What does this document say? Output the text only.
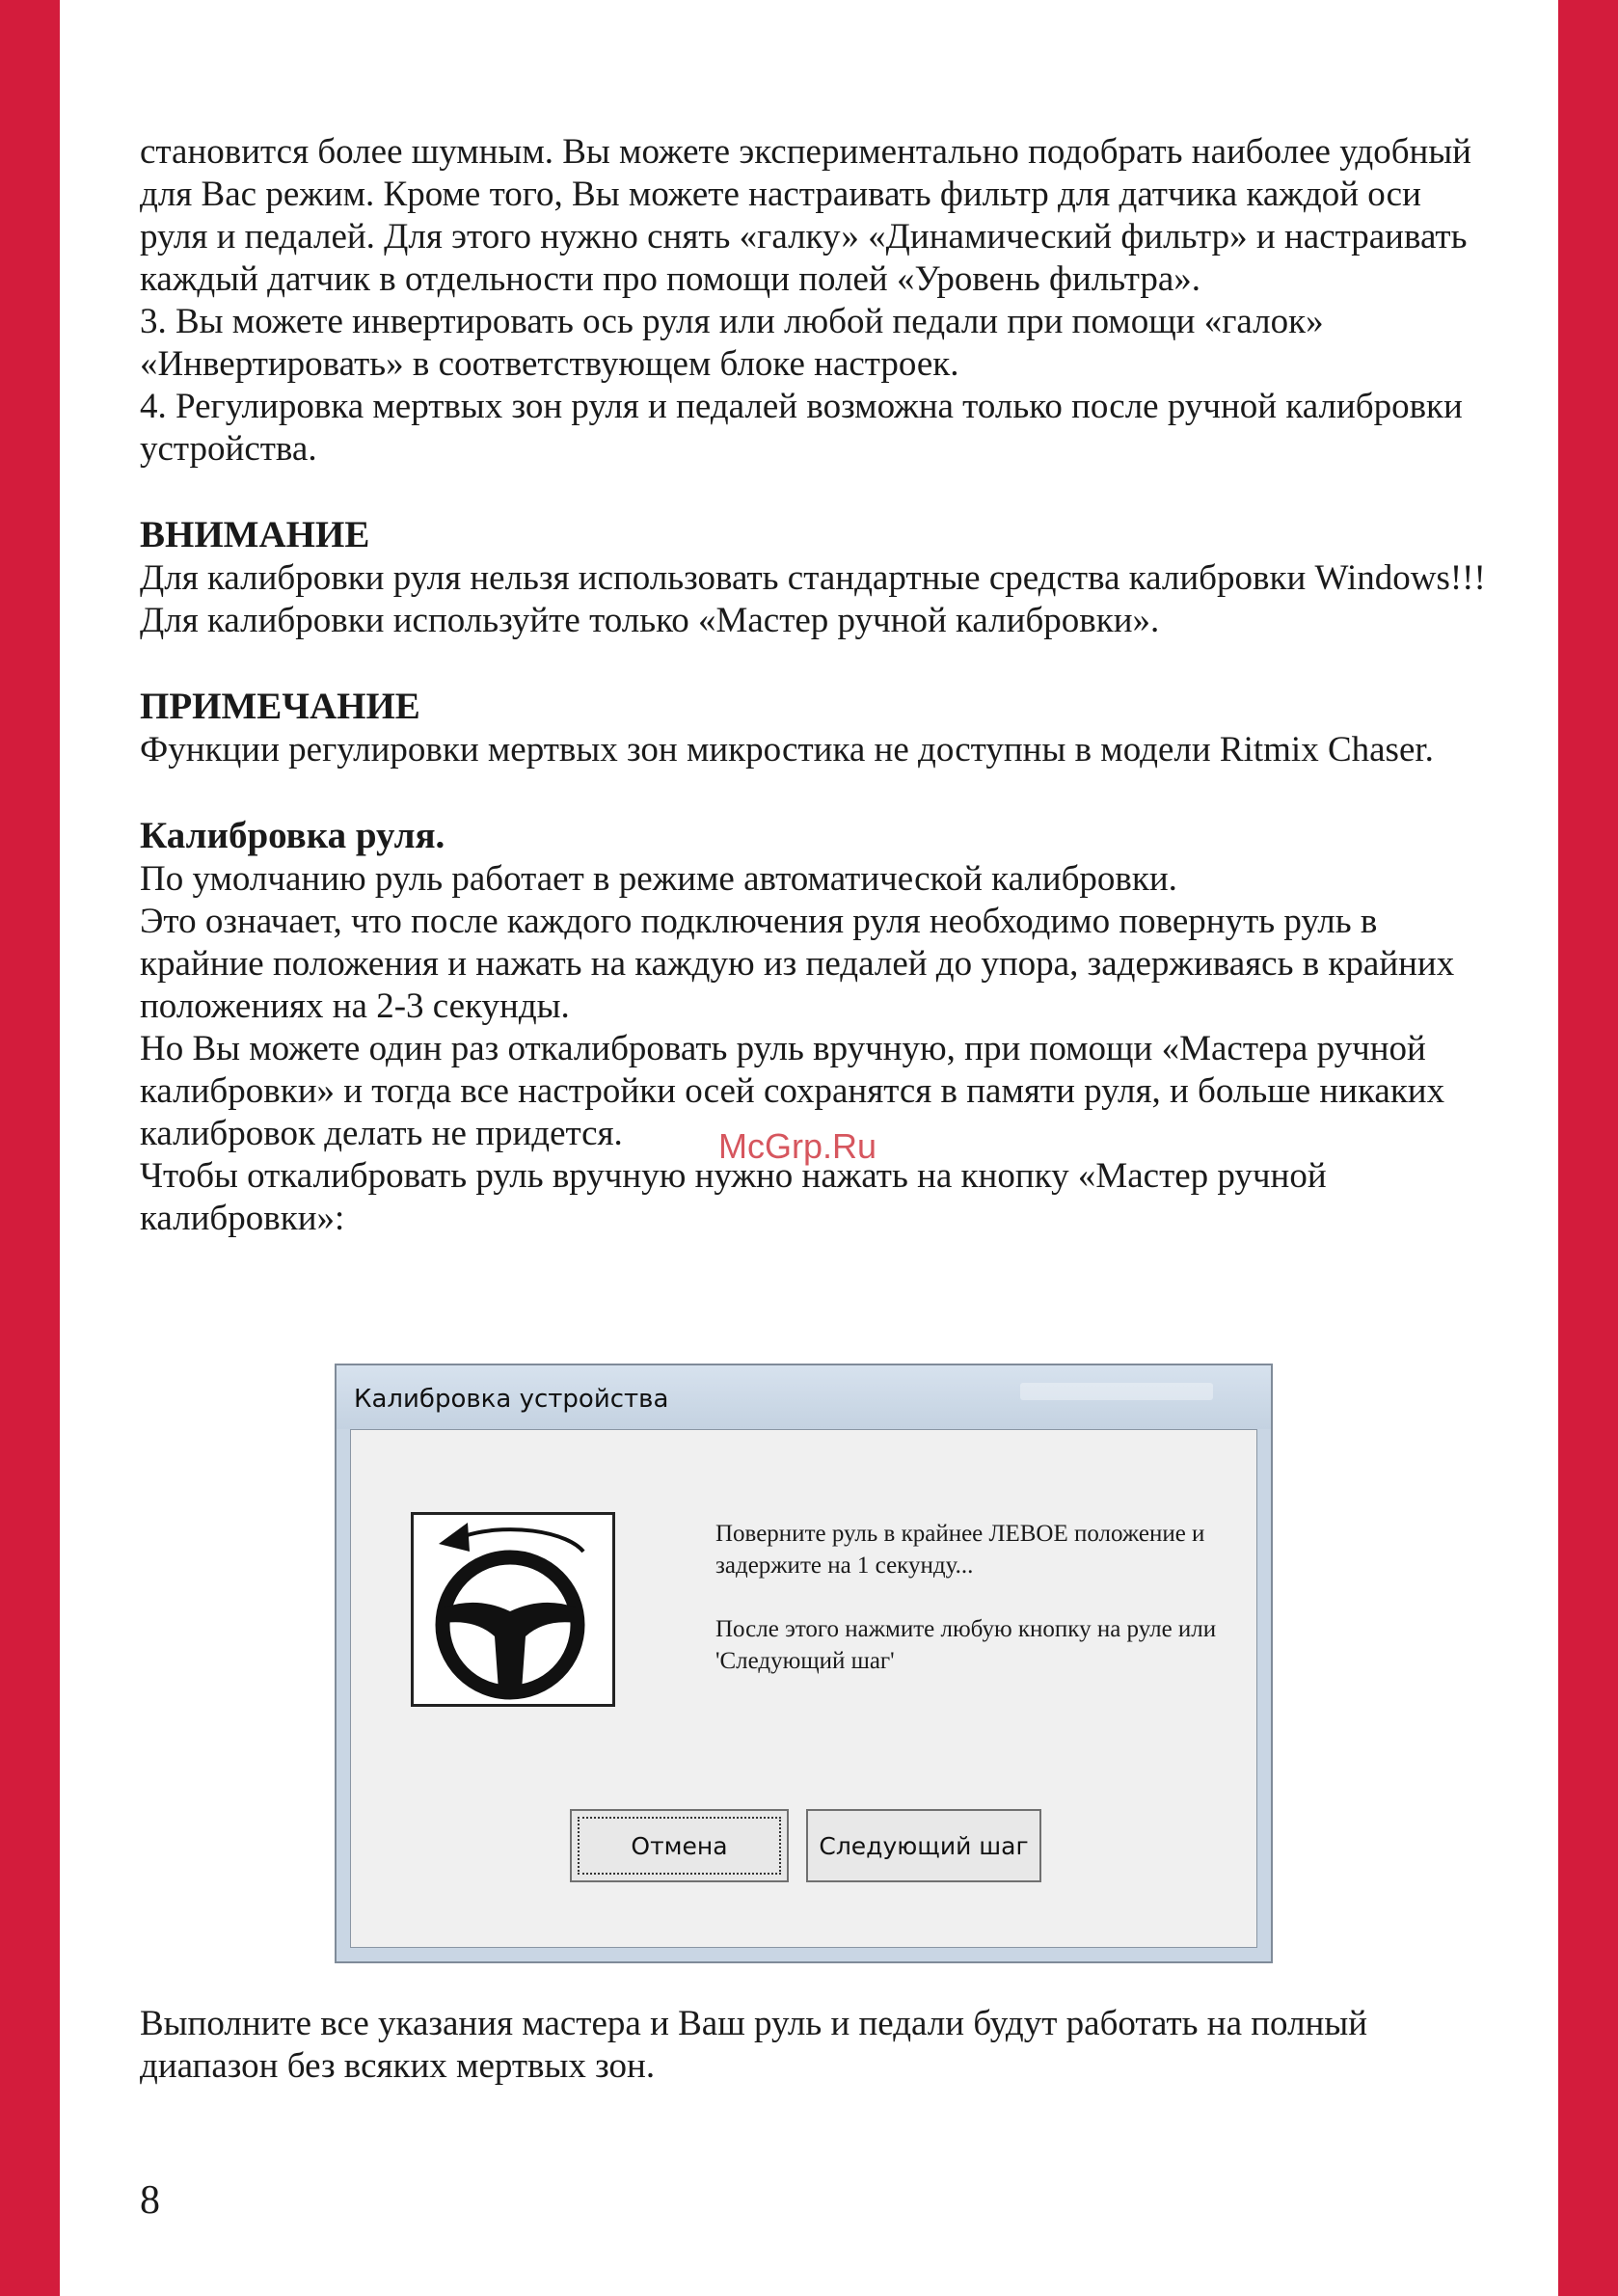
становится более шумным. Вы можете экспериментально подобрать наиболее удобный для Вас режим. Кроме того, Вы можете настраивать фильтр для датчика каждой оси руля и педалей. Для этого нужно снять «галку» «Динамический фильтр» и настраивать каждый датчик в отдельности про помощи полей «Уровень фильтра».

3. Вы можете инвертировать ось руля или любой педали при помощи «галок» «Инвертировать» в соответствующем блоке настроек.

4. Регулировка мертвых зон руля и педалей возможна только после ручной калибровки устройства.

ВНИМАНИЕ

Для калибровки руля нельзя использовать стандартные средства калибровки Windows!!! Для калибровки используйте только «Мастер ручной калибровки».

ПРИМЕЧАНИЕ

Функции регулировки мертвых зон микростика не доступны в модели Ritmix Chaser.

Калибровка руля.

По умолчанию руль работает в режиме автоматической калибровки.

Это означает, что после каждого подключения руля необходимо повернуть руль в крайние положения и нажать на каждую из педалей до упора, задерживаясь в крайних положениях на 2-3 секунды.

Но Вы можете один раз откалибровать руль вручную, при помощи «Мастера ручной калибровки» и тогда все настройки осей сохранятся в памяти руля, и больше никаких калибровок делать не придется.

Чтобы откалибровать руль вручную нужно нажать на кнопку «Мастер ручной калибровки»:

McGrp.Ru
Калибровка устройства

Поверните руль в крайнее ЛЕВОЕ положение и задержите на 1 секунду...

После этого нажмите любую кнопку на руле или 'Следующий шаг'

Отмена	Следующий шаг

Выполните все указания мастера и Ваш руль и педали будут работать на полный диапазон без всяких мертвых зон.

8
